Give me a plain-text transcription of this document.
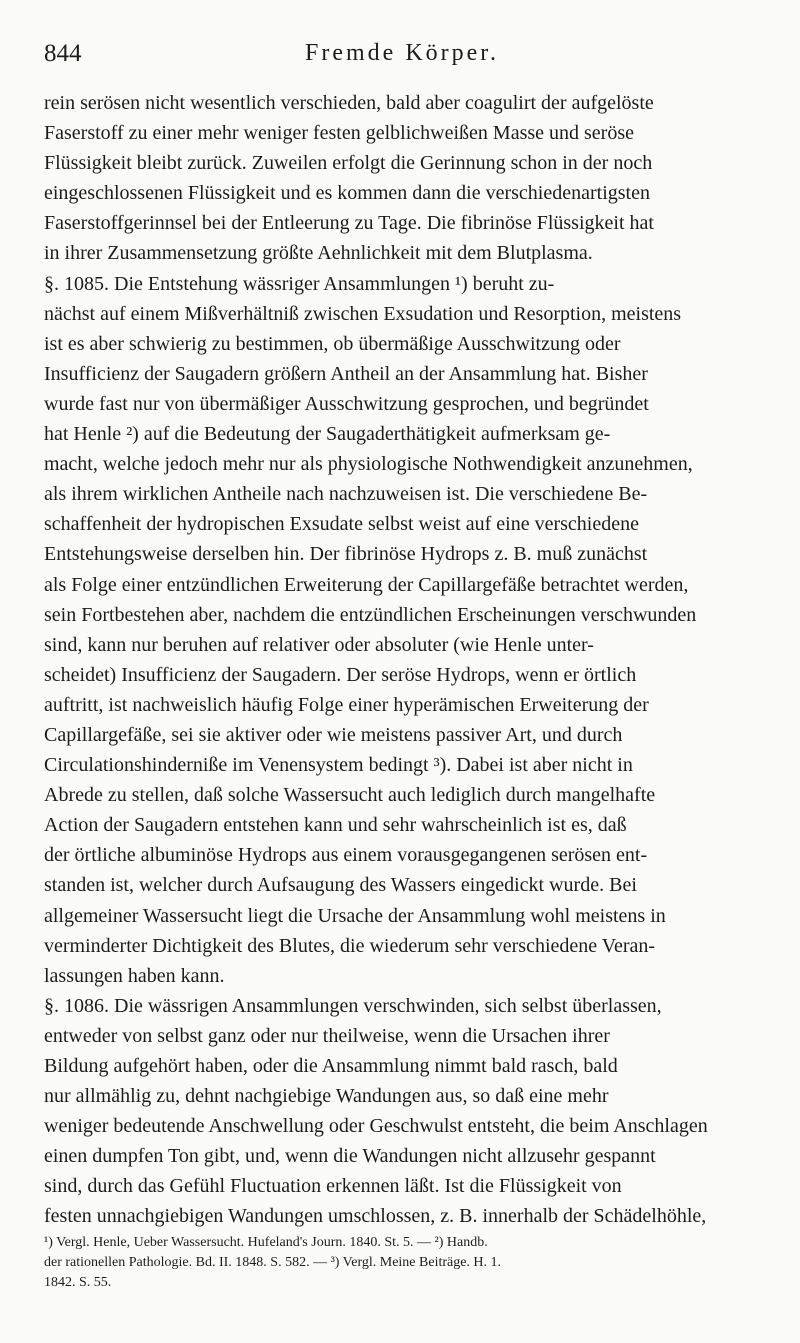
844	Fremde Körper.
rein serösen nicht wesentlich verschieden, bald aber coagulirt der aufgelöste
Faserstoff zu einer mehr weniger festen gelblichweißen Masse und seröse
Flüssigkeit bleibt zurück. Zuweilen erfolgt die Gerinnung schon in der noch
eingeschlossenen Flüssigkeit und es kommen dann die verschiedenartigsten
Faserstoffgerinnsel bei der Entleerung zu Tage. Die fibrinöse Flüssigkeit hat
in ihrer Zusammensetzung größte Aehnlichkeit mit dem Blutplasma.
§. 1085. Die Entstehung wässriger Ansammlungen ¹) beruht zu-
nächst auf einem Mißverhältniß zwischen Exsudation und Resorption, meistens
ist es aber schwierig zu bestimmen, ob übermäßige Ausschwitzung oder
Insufficienz der Saugadern größern Antheil an der Ansammlung hat. Bisher
wurde fast nur von übermäßiger Ausschwitzung gesprochen, und begründet
hat Henle ²) auf die Bedeutung der Saugaderthätigkeit aufmerksam ge-
macht, welche jedoch mehr nur als physiologische Nothwendigkeit anzunehmen,
als ihrem wirklichen Antheile nach nachzuweisen ist. Die verschiedene Be-
schaffenheit der hydropischen Exsudate selbst weist auf eine verschiedene
Entstehungsweise derselben hin. Der fibrinöse Hydrops z. B. muß zunächst
als Folge einer entzündlichen Erweiterung der Capillargefäße betrachtet werden,
sein Fortbestehen aber, nachdem die entzündlichen Erscheinungen verschwunden
sind, kann nur beruhen auf relativer oder absoluter (wie Henle unter-
scheidet) Insufficienz der Saugadern. Der seröse Hydrops, wenn er örtlich
auftritt, ist nachweislich häufig Folge einer hyperämischen Erweiterung der
Capillargefäße, sei sie aktiver oder wie meistens passiver Art, und durch
Circulationshinderniße im Venensystem bedingt ³). Dabei ist aber nicht in
Abrede zu stellen, daß solche Wassersucht auch lediglich durch mangelhafte
Action der Saugadern entstehen kann und sehr wahrscheinlich ist es, daß
der örtliche albuminöse Hydrops aus einem vorausgegangenen serösen ent-
standen ist, welcher durch Aufsaugung des Wassers eingedickt wurde. Bei
allgemeiner Wassersucht liegt die Ursache der Ansammlung wohl meistens in
verminderter Dichtigkeit des Blutes, die wiederum sehr verschiedene Veran-
lassungen haben kann.
§. 1086. Die wässrigen Ansammlungen verschwinden, sich selbst überlassen,
entweder von selbst ganz oder nur theilweise, wenn die Ursachen ihrer
Bildung aufgehört haben, oder die Ansammlung nimmt bald rasch, bald
nur allmählig zu, dehnt nachgiebige Wandungen aus, so daß eine mehr
weniger bedeutende Anschwellung oder Geschwulst entsteht, die beim Anschlagen
einen dumpfen Ton gibt, und, wenn die Wandungen nicht allzusehr gespannt
sind, durch das Gefühl Fluctuation erkennen läßt. Ist die Flüssigkeit von
festen unnachgiebigen Wandungen umschlossen, z. B. innerhalb der Schädelhöhle,
¹) Vergl. Henle, Ueber Wassersucht. Hufeland's Journ. 1840. St. 5. — ²) Handb.
der rationellen Pathologie. Bd. II. 1848. S. 582. — ³) Vergl. Meine Beiträge. H. 1.
1842. S. 55.
